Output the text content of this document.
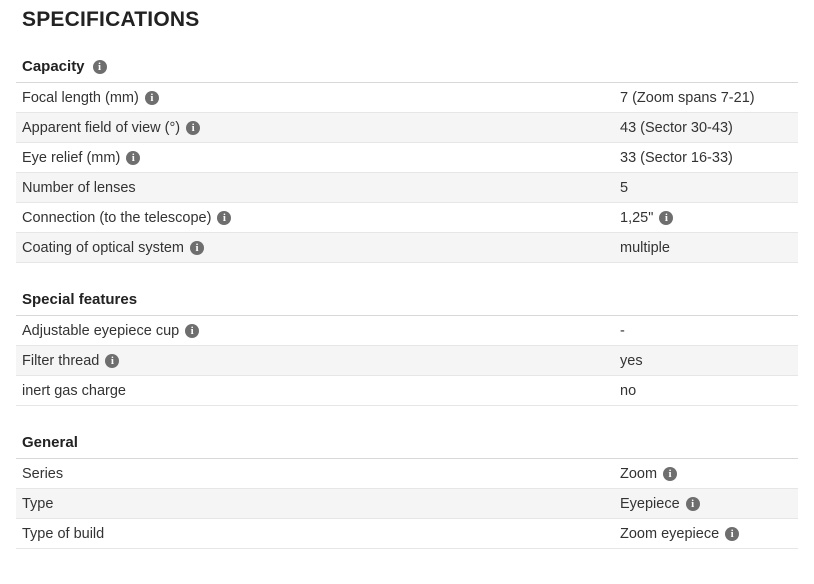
SPECIFICATIONS
Capacity	i
Focal length (mm)	i	7 (Zoom spans 7-21)
Apparent field of view (°)	i	43 (Sector 30-43)
Eye relief (mm)	i	33 (Sector 16-33)
Number of lenses	5
Connection (to the telescope)	i	1,25"	i
Coating of optical system	i	multiple
Special features
Adjustable eyepiece cup	i	-
Filter thread	i	yes
inert gas charge	no
General
Series	Zoom	i
Type	Eyepiece	i
Type of build	Zoom eyepiece	i
